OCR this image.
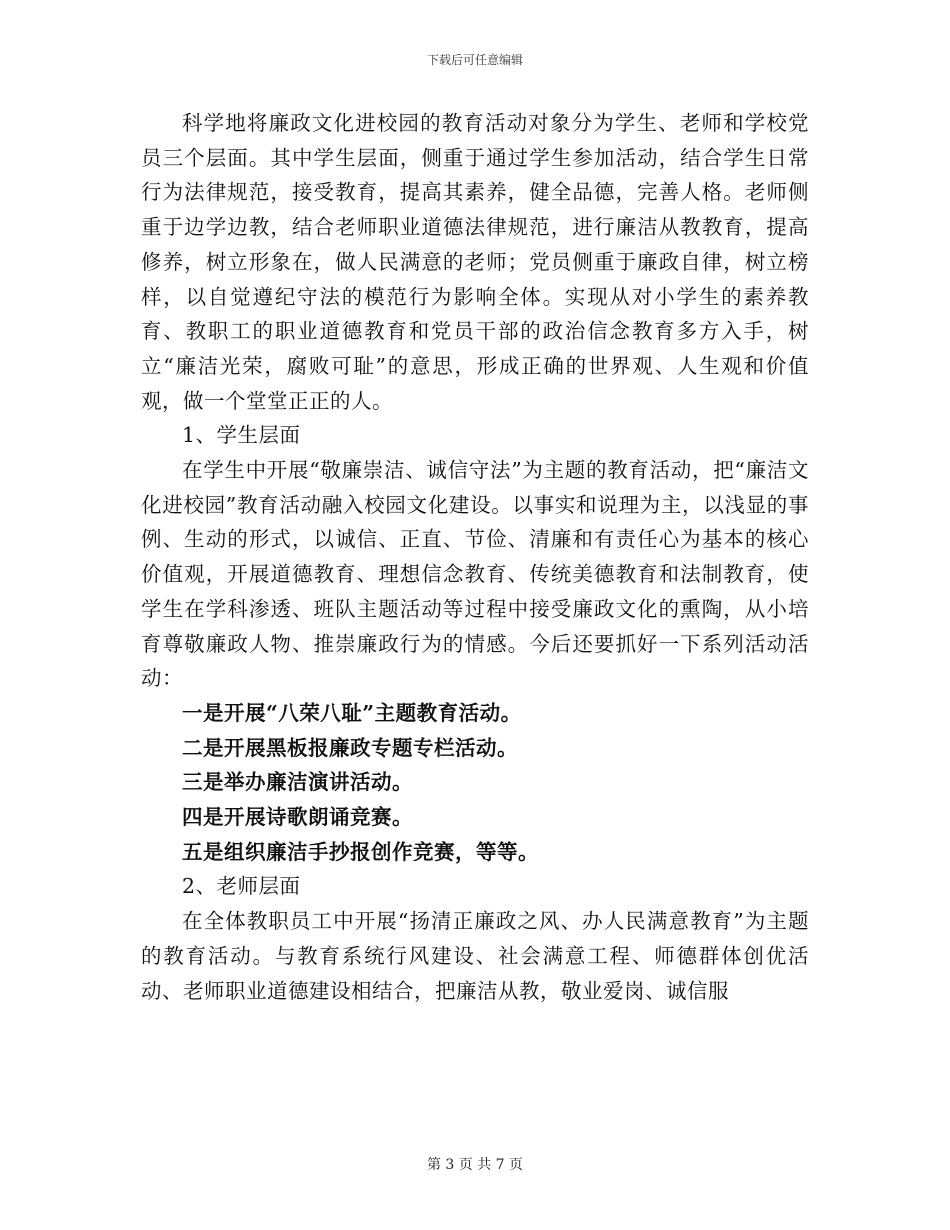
下载后可任意编辑

科学地将廉政文化进校园的教育活动对象分为学生、老师和学校党员三个层面。其中学生层面，侧重于通过学生参加活动，结合学生日常行为法律规范，接受教育，提高其素养，健全品德，完善人格。老师侧重于边学边教，结合老师职业道德法律规范，进行廉洁从教教育，提高修养，树立形象在，做人民满意的老师；党员侧重于廉政自律，树立榜样，以自觉遵纪守法的模范行为影响全体。实现从对小学生的素养教育、教职工的职业道德教育和党员干部的政治信念教育多方入手，树立“廉洁光荣，腐败可耻”的意思，形成正确的世界观、人生观和价值观，做一个堂堂正正的人。

1、学生层面

在学生中开展“敬廉崇洁、诚信守法”为主题的教育活动，把“廉洁文化进校园”教育活动融入校园文化建设。以事实和说理为主，以浅显的事例、生动的形式，以诚信、正直、节俭、清廉和有责任心为基本的核心价值观，开展道德教育、理想信念教育、传统美德教育和法制教育，使学生在学科渗透、班队主题活动等过程中接受廉政文化的熏陶，从小培育尊敬廉政人物、推崇廉政行为的情感。今后还要抓好一下系列活动活动：

一是开展“八荣八耻”主题教育活动。

二是开展黑板报廉政专题专栏活动。

三是举办廉洁演讲活动。

四是开展诗歌朗诵竞赛。

五是组织廉洁手抄报创作竞赛，等等。

2、老师层面

在全体教职员工中开展“扬清正廉政之风、办人民满意教育”为主题的教育活动。与教育系统行风建设、社会满意工程、师德群体创优活动、老师职业道德建设相结合，把廉洁从教，敬业爱岗、诚信服

第 3 页 共 7 页
